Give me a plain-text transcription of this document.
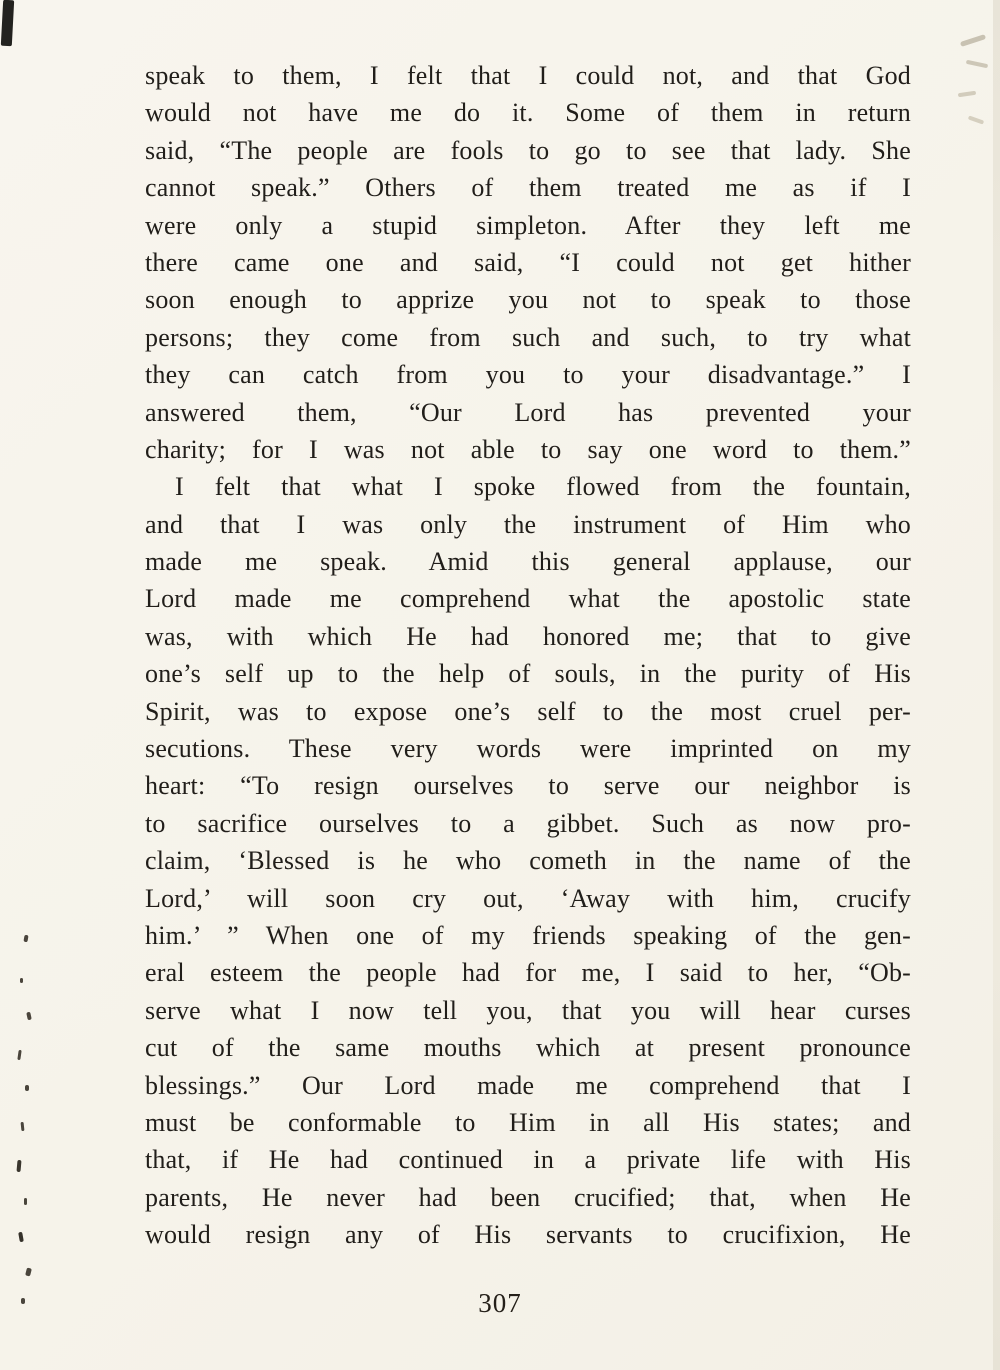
speak to them, I felt that I could not, and that God
would not have me do it. Some of them in return
said, “The people are fools to go to see that lady. She
cannot speak.” Others of them treated me as if I
were only a stupid simpleton. After they left me
there came one and said, “I could not get hither
soon enough to apprize you not to speak to those
persons; they come from such and such, to try what
they can catch from you to your disadvantage.” I
answered them, “Our Lord has prevented your
charity; for I was not able to say one word to them.”
I felt that what I spoke flowed from the fountain,
and that I was only the instrument of Him who
made me speak. Amid this general applause, our
Lord made me comprehend what the apostolic state
was, with which He had honored me; that to give
one’s self up to the help of souls, in the purity of His
Spirit, was to expose one’s self to the most cruel per-
secutions. These very words were imprinted on my
heart: “To resign ourselves to serve our neighbor is
to sacrifice ourselves to a gibbet. Such as now pro-
claim, ‘Blessed is he who cometh in the name of the
Lord,’ will soon cry out, ‘Away with him, crucify
him.’ ” When one of my friends speaking of the gen-
eral esteem the people had for me, I said to her, “Ob-
serve what I now tell you, that you will hear curses
cut of the same mouths which at present pronounce
blessings.” Our Lord made me comprehend that I
must be conformable to Him in all His states; and
that, if He had continued in a private life with His
parents, He never had been crucified; that, when He
would resign any of His servants to crucifixion, He
307
